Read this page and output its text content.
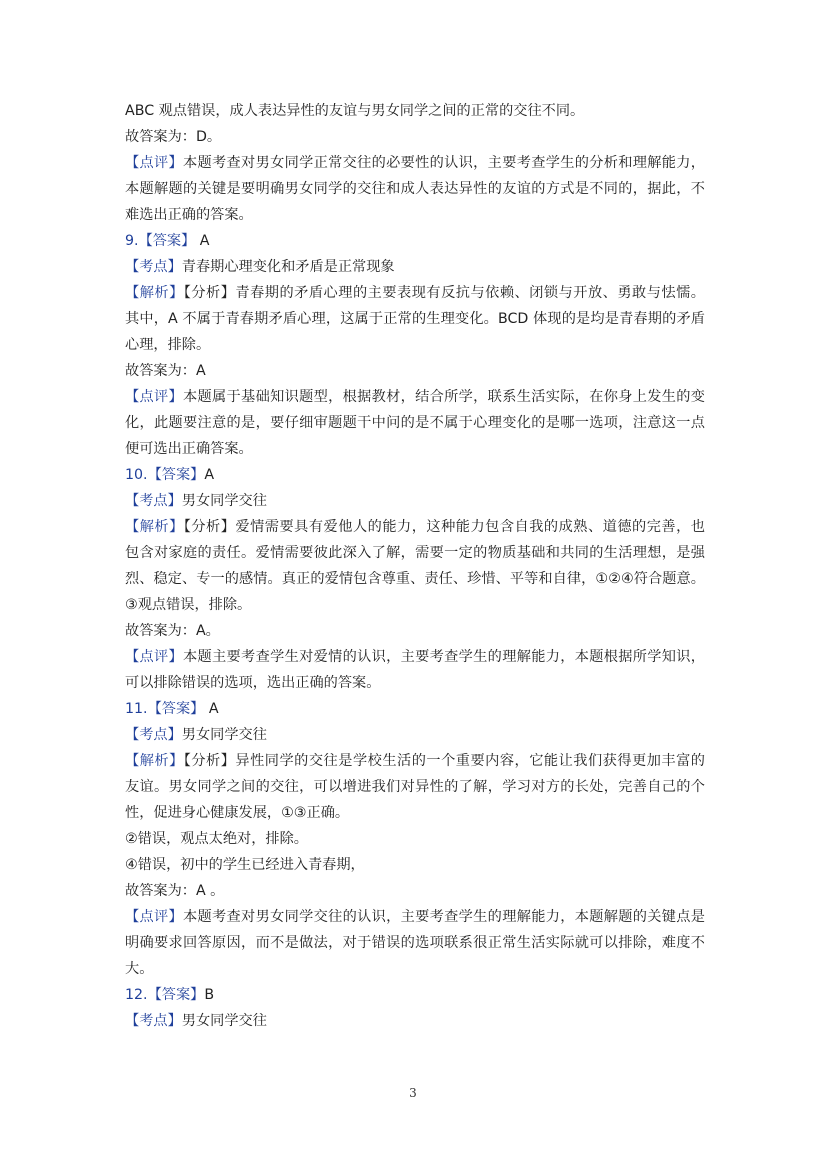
ABC 观点错误，成人表达异性的友谊与男女同学之间的正常的交往不同。
故答案为：D。
【点评】本题考查对男女同学正常交往的必要性的认识，主要考查学生的分析和理解能力，
本题解题的关键是要明确男女同学的交往和成人表达异性的友谊的方式是不同的，据此，不
难选出正确的答案。
9.【答案】 A
【考点】青春期心理变化和矛盾是正常现象
【解析】【分析】青春期的矛盾心理的主要表现有反抗与依赖、闭锁与开放、勇敢与怯懦。
其中，A 不属于青春期矛盾心理，这属于正常的生理变化。BCD 体现的是均是青春期的矛盾
心理，排除。
故答案为：A
【点评】本题属于基础知识题型，根据教材，结合所学，联系生活实际，在你身上发生的变
化，此题要注意的是，要仔细审题题干中问的是不属于心理变化的是哪一选项，注意这一点
便可选出正确答案。
10.【答案】A
【考点】男女同学交往
【解析】【分析】爱情需要具有爱他人的能力，这种能力包含自我的成熟、道德的完善，也
包含对家庭的责任。爱情需要彼此深入了解，需要一定的物质基础和共同的生活理想，是强
烈、稳定、专一的感情。真正的爱情包含尊重、责任、珍惜、平等和自律，①②④符合题意。
③观点错误，排除。
故答案为：A。
【点评】本题主要考查学生对爱情的认识，主要考查学生的理解能力，本题根据所学知识，
可以排除错误的选项，选出正确的答案。
11.【答案】 A
【考点】男女同学交往
【解析】【分析】异性同学的交往是学校生活的一个重要内容，它能让我们获得更加丰富的
友谊。男女同学之间的交往，可以增进我们对异性的了解，学习对方的长处，完善自己的个
性，促进身心健康发展，①③正确。
②错误，观点太绝对，排除。
④错误，初中的学生已经进入青春期，
故答案为：A 。
【点评】本题考查对男女同学交往的认识，主要考查学生的理解能力，本题解题的关键点是
明确要求回答原因，而不是做法，对于错误的选项联系很正常生活实际就可以排除，难度不
大。
12.【答案】B
【考点】男女同学交往
3
